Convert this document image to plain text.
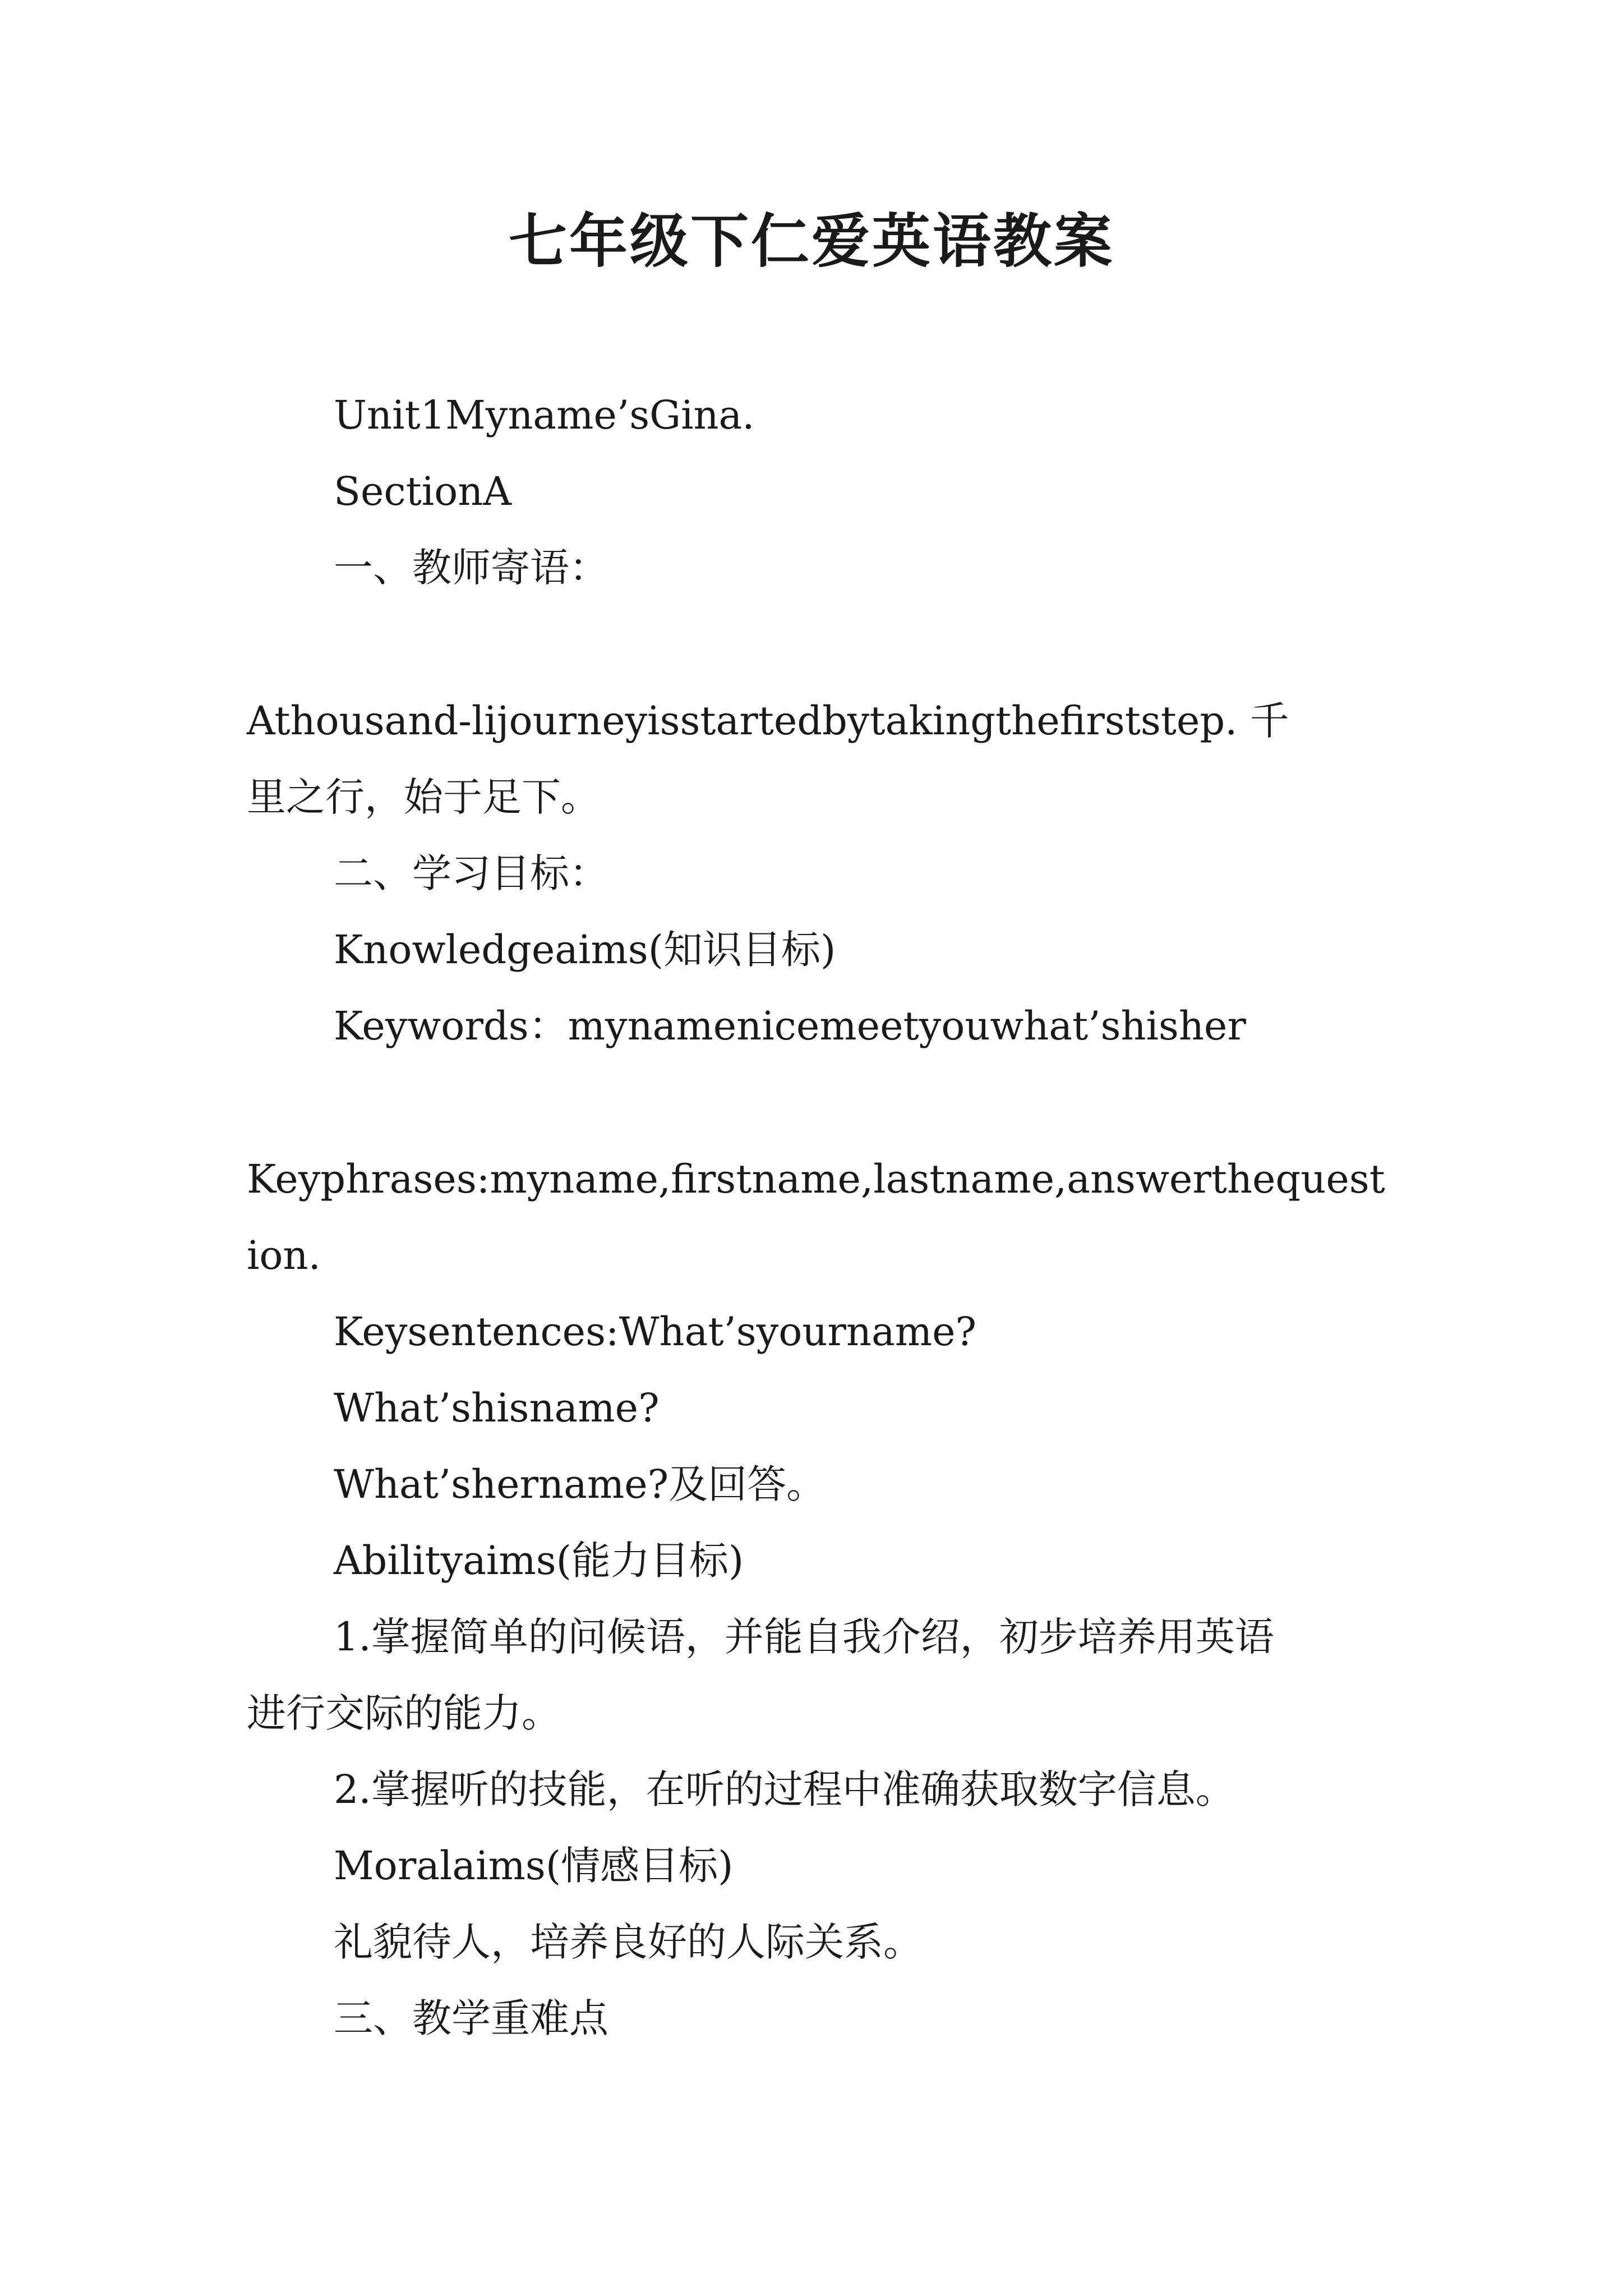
七年级下仁爱英语教案
Unit1Myname’sGina.
SectionA
一、教师寄语：
Athousand-lijourneyisstartedbytakingthefirststep. 千
里之行，始于足下。
二、学习目标：
Knowledgeaims(知识目标)
Keywords：mynamenicemeetyouwhat’shisher
Keyphrases:myname,firstname,lastname,answerthequest
ion.
Keysentences:What’syourname?
What’shisname?
What’shername?及回答。
Abilityaims(能力目标)
1.掌握简单的问候语，并能自我介绍，初步培养用英语
进行交际的能力。
2.掌握听的技能，在听的过程中准确获取数字信息。
Moralaims(情感目标)
礼貌待人，培养良好的人际关系。
三、教学重难点
